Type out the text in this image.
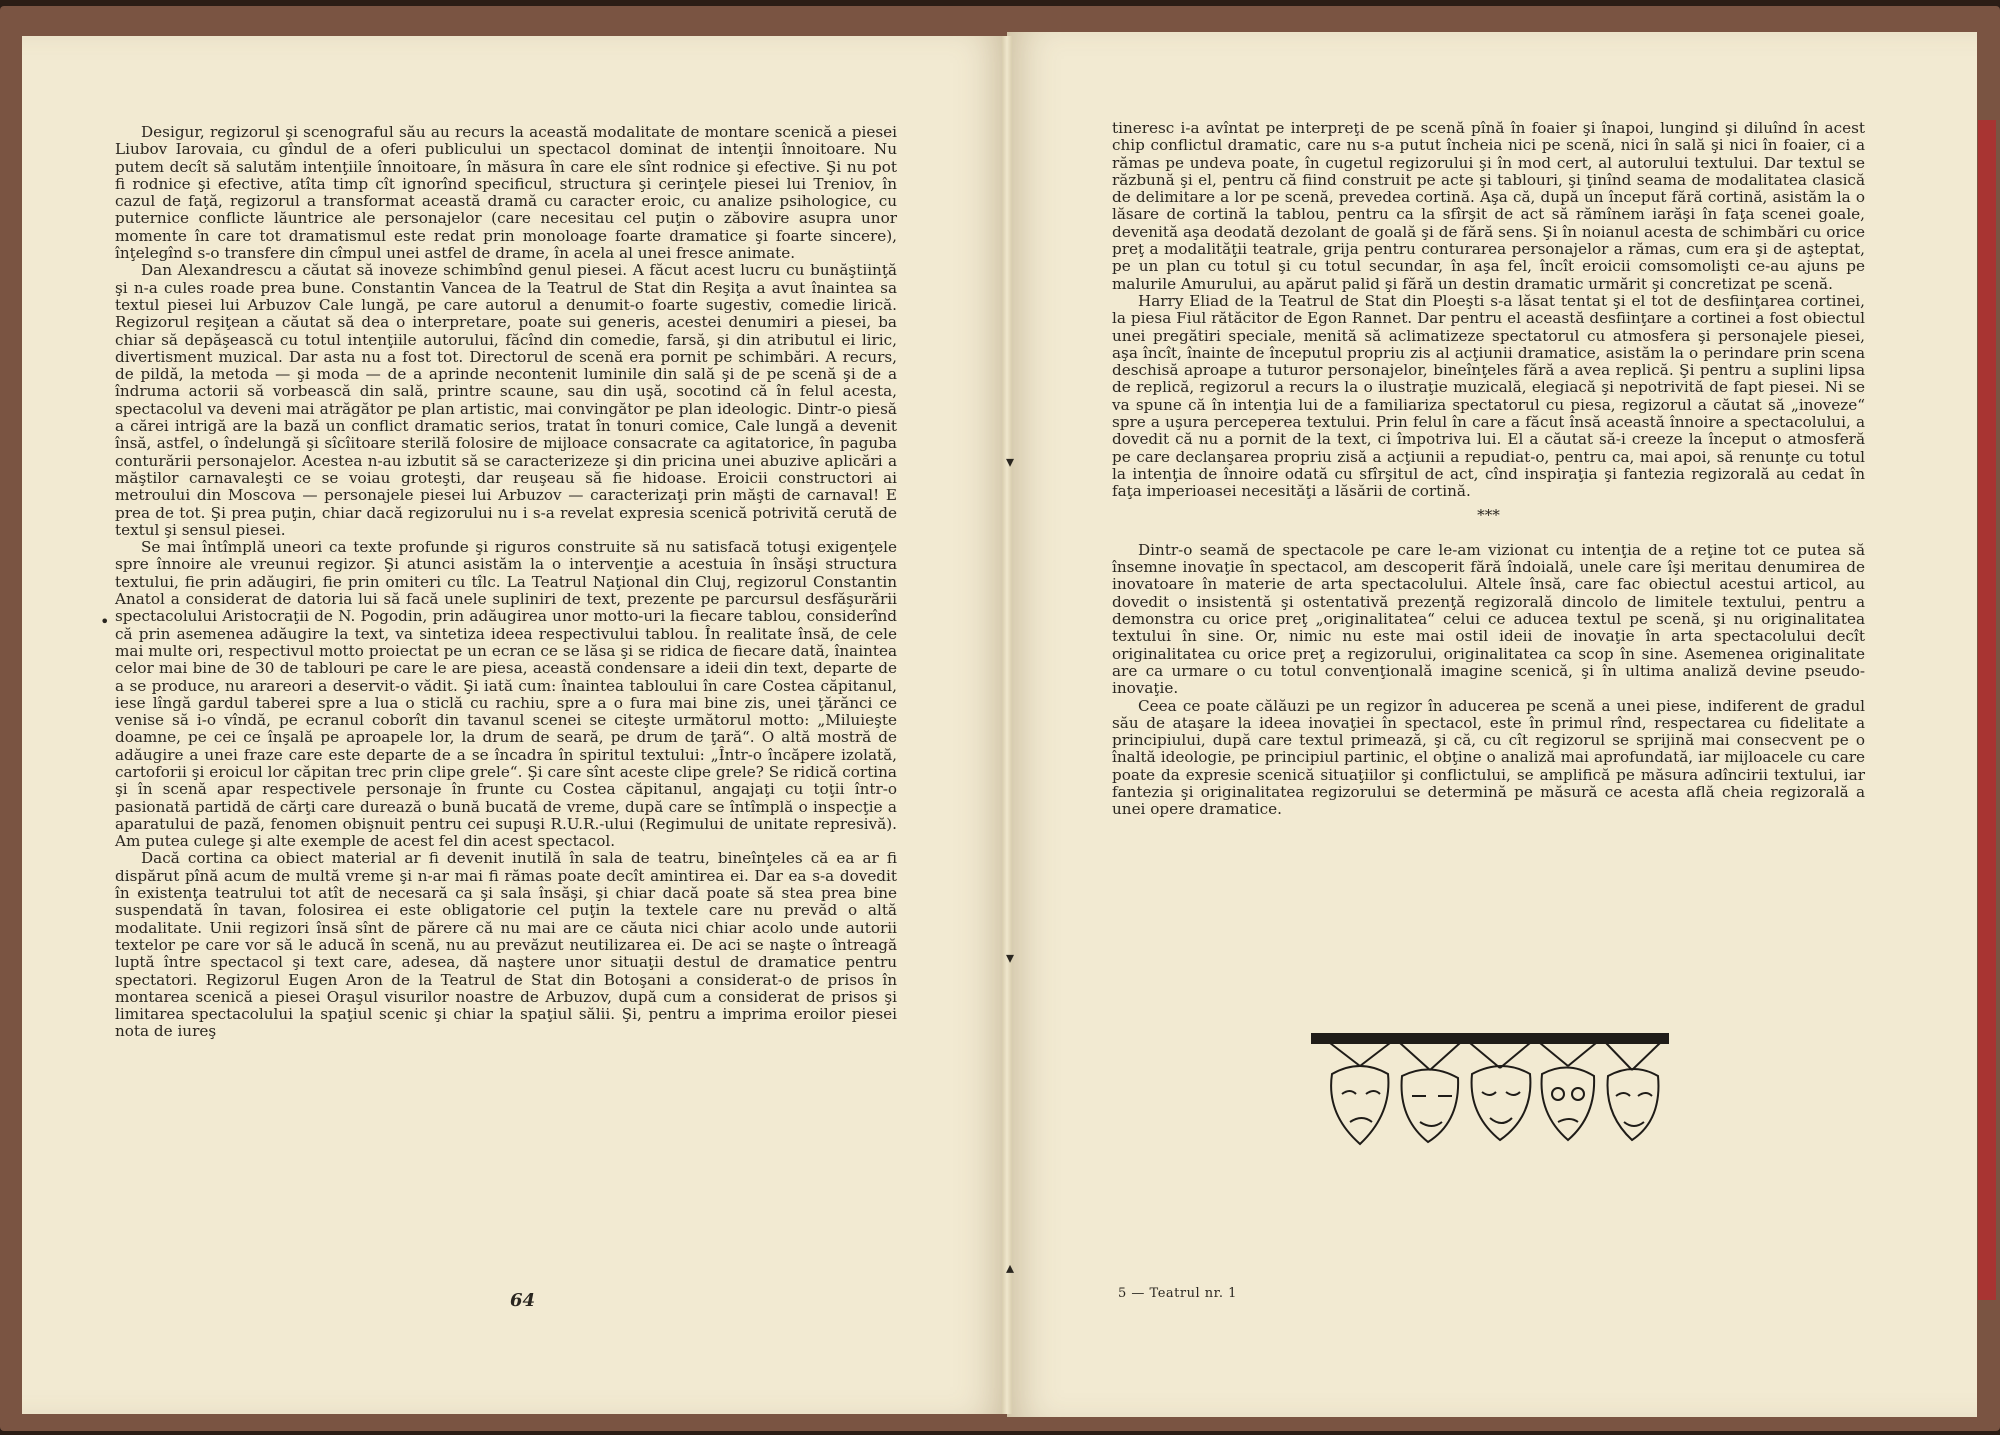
Desigur, regizorul şi scenograful său au recurs la această modalitate de montare scenică a piesei Liubov Iarovaia, cu gîndul de a oferi publicului un spectacol dominat de intenţii înnoitoare. Nu putem decît să salutăm intenţiile înnoitoare, în măsura în care ele sînt rodnice şi efective. Şi nu pot fi rodnice şi efective, atîta timp cît ignorînd specificul, structura şi cerinţele piesei lui Treniov, în cazul de faţă, regizorul a transformat această dramă cu caracter eroic, cu analize psihologice, cu puternice conflicte lăuntrice ale personajelor (care necesitau cel puţin o zăbovire asupra unor momente în care tot dramatismul este redat prin monoloage foarte dramatice şi foarte sincere), înţelegînd s-o transfere din cîmpul unei astfel de drame, în acela al unei fresce animate.

Dan Alexandrescu a căutat să inoveze schimbînd genul piesei. A făcut acest lucru cu bunăştiinţă şi n-a cules roade prea bune. Constantin Vancea de la Teatrul de Stat din Reşiţa a avut înaintea sa textul piesei lui Arbuzov Cale lungă, pe care autorul a denumit-o foarte sugestiv, comedie lirică. Regizorul reşiţean a căutat să dea o interpretare, poate sui generis, acestei denumiri a piesei, ba chiar să depăşească cu totul intenţiile autorului, făcînd din comedie, farsă, şi din atributul ei liric, divertisment muzical. Dar asta nu a fost tot. Directorul de scenă era pornit pe schimbări. A recurs, de pildă, la metoda — şi moda — de a aprinde necontenit luminile din sală şi de pe scenă şi de a îndruma actorii să vorbească din sală, printre scaune, sau din uşă, socotind că în felul acesta, spectacolul va deveni mai atrăgător pe plan artistic, mai convingător pe plan ideologic. Dintr-o piesă a cărei intrigă are la bază un conflict dramatic serios, tratat în tonuri comice, Cale lungă a devenit însă, astfel, o îndelungă şi sîcîitoare sterilă folosire de mijloace consacrate ca agitatorice, în paguba conturării personajelor. Acestea n-au izbutit să se caracterizeze şi din pricina unei abuzive aplicări a măştilor carnavaleşti ce se voiau groteşti, dar reuşeau să fie hidoase. Eroicii constructori ai metroului din Moscova — personajele piesei lui Arbuzov — caracterizaţi prin măşti de carnaval! E prea de tot. Şi prea puţin, chiar dacă regizorului nu i s-a revelat expresia scenică potrivită cerută de textul şi sensul piesei.

Se mai întîmplă uneori ca texte profunde şi riguros construite să nu satisfacă totuşi exigenţele spre înnoire ale vreunui regizor. Şi atunci asistăm la o intervenţie a acestuia în însăşi structura textului, fie prin adăugiri, fie prin omiteri cu tîlc. La Teatrul Naţional din Cluj, regizorul Constantin Anatol a considerat de datoria lui să facă unele supliniri de text, prezente pe parcursul desfăşurării spectacolului Aristocraţii de N. Pogodin, prin adăugirea unor motto-uri la fiecare tablou, considerînd că prin asemenea adăugire la text, va sintetiza ideea respectivului tablou. În realitate însă, de cele mai multe ori, respectivul motto proiectat pe un ecran ce se lăsa şi se ridica de fiecare dată, înaintea celor mai bine de 30 de tablouri pe care le are piesa, această condensare a ideii din text, departe de a se produce, nu arareori a deservit-o vădit. Şi iată cum: înaintea tabloului în care Costea căpitanul, iese lîngă gardul taberei spre a lua o sticlă cu rachiu, spre a o fura mai bine zis, unei ţărănci ce venise să i-o vîndă, pe ecranul coborît din tavanul scenei se citeşte următorul motto: „Miluieşte doamne, pe cei ce înşală pe aproapele lor, la drum de seară, pe drum de ţară“. O altă mostră de adăugire a unei fraze care este departe de a se încadra în spiritul textului: „Într-o încăpere izolată, cartoforii şi eroicul lor căpitan trec prin clipe grele“. Şi care sînt aceste clipe grele? Se ridică cortina şi în scenă apar respectivele personaje în frunte cu Costea căpitanul, angajaţi cu toţii într-o pasionată partidă de cărţi care durează o bună bucată de vreme, după care se întîmplă o inspecţie a aparatului de pază, fenomen obişnuit pentru cei supuşi R.U.R.-ului (Regimului de unitate represivă). Am putea culege şi alte exemple de acest fel din acest spectacol.

Dacă cortina ca obiect material ar fi devenit inutilă în sala de teatru, bineînţeles că ea ar fi dispărut pînă acum de multă vreme şi n-ar mai fi rămas poate decît amintirea ei. Dar ea s-a dovedit în existenţa teatrului tot atît de necesară ca şi sala însăşi, şi chiar dacă poate să stea prea bine suspendată în tavan, folosirea ei este obligatorie cel puţin la textele care nu prevăd o altă modalitate. Unii regizori însă sînt de părere că nu mai are ce căuta nici chiar acolo unde autorii textelor pe care vor să le aducă în scenă, nu au prevăzut neutilizarea ei. De aci se naşte o întreagă luptă între spectacol şi text care, adesea, dă naştere unor situaţii destul de dramatice pentru spectatori. Regizorul Eugen Aron de la Teatrul de Stat din Botoşani a considerat-o de prisos în montarea scenică a piesei Oraşul visurilor noastre de Arbuzov, după cum a considerat de prisos şi limitarea spectacolului la spaţiul scenic şi chiar la spaţiul sălii. Şi, pentru a imprima eroilor piesei nota de iureş

64

tineresc i-a avîntat pe interpreţi de pe scenă pînă în foaier şi înapoi, lungind şi diluînd în acest chip conflictul dramatic, care nu s-a putut încheia nici pe scenă, nici în sală şi nici în foaier, ci a rămas pe undeva poate, în cugetul regizorului şi în mod cert, al autorului textului. Dar textul se răzbună şi el, pentru că fiind construit pe acte şi tablouri, şi ţinînd seama de modalitatea clasică de delimitare a lor pe scenă, prevedea cortină. Aşa că, după un început fără cortină, asistăm la o lăsare de cortină la tablou, pentru ca la sfîrşit de act să rămînem iarăşi în faţa scenei goale, devenită aşa deodată dezolant de goală şi de fără sens. Şi în noianul acesta de schimbări cu orice preţ a modalităţii teatrale, grija pentru conturarea personajelor a rămas, cum era şi de aşteptat, pe un plan cu totul şi cu totul secundar, în aşa fel, încît eroicii comsomolişti ce-au ajuns pe malurile Amurului, au apărut palid şi fără un destin dramatic urmărit şi concretizat pe scenă.

Harry Eliad de la Teatrul de Stat din Ploeşti s-a lăsat tentat şi el tot de desfiinţarea cortinei, la piesa Fiul rătăcitor de Egon Rannet. Dar pentru el această desfiinţare a cortinei a fost obiectul unei pregătiri speciale, menită să aclimatizeze spectatorul cu atmosfera şi personajele piesei, aşa încît, înainte de începutul propriu zis al acţiunii dramatice, asistăm la o perindare prin scena deschisă aproape a tuturor personajelor, bineînţeles fără a avea replică. Şi pentru a suplini lipsa de replică, regizorul a recurs la o ilustraţie muzicală, elegiacă şi nepotrivită de fapt piesei. Ni se va spune că în intenţia lui de a familiariza spectatorul cu piesa, regizorul a căutat să „inoveze“ spre a uşura perceperea textului. Prin felul în care a făcut însă această înnoire a spectacolului, a dovedit că nu a pornit de la text, ci împotriva lui. El a căutat să-i creeze la început o atmosferă pe care declanşarea propriu zisă a acţiunii a repudiat-o, pentru ca, mai apoi, să renunţe cu totul la intenţia de înnoire odată cu sfîrşitul de act, cînd inspiraţia şi fantezia regizorală au cedat în faţa imperioasei necesităţi a lăsării de cortină.

***

Dintr-o seamă de spectacole pe care le-am vizionat cu intenţia de a reţine tot ce putea să însemne inovaţie în spectacol, am descoperit fără îndoială, unele care îşi meritau denumirea de inovatoare în materie de arta spectacolului. Altele însă, care fac obiectul acestui articol, au dovedit o insistentă şi ostentativă prezenţă regizorală dincolo de limitele textului, pentru a demonstra cu orice preţ „originalitatea“ celui ce aducea textul pe scenă, şi nu originalitatea textului în sine. Or, nimic nu este mai ostil ideii de inovaţie în arta spectacolului decît originalitatea cu orice preţ a regizorului, originalitatea ca scop în sine. Asemenea originalitate are ca urmare o cu totul convenţională imagine scenică, şi în ultima analiză devine pseudo-inovaţie.

Ceea ce poate călăuzi pe un regizor în aducerea pe scenă a unei piese, indiferent de gradul său de ataşare la ideea inovaţiei în spectacol, este în primul rînd, respectarea cu fidelitate a principiului, după care textul primează, şi că, cu cît regizorul se sprijină mai consecvent pe o înaltă ideologie, pe principiul partinic, el obţine o analiză mai aprofundată, iar mijloacele cu care poate da expresie scenică situaţiilor şi conflictului, se amplifică pe măsura adîncirii textului, iar fantezia şi originalitatea regizorului se determină pe măsură ce acesta află cheia regizorală a unei opere dramatice.

•
▾
▾
▴
5 — Teatrul nr. 1
